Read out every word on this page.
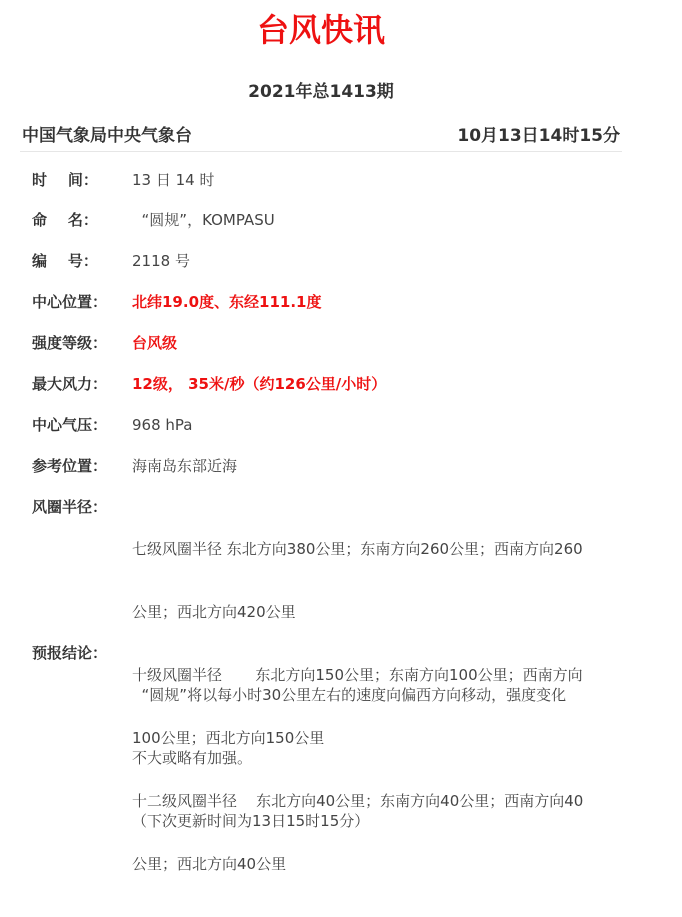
台风快讯
2021年总1413期
中国气象局中央气象台	10月13日14时15分
时    间：	13 日 14 时
命    名：	“圆规”，KOMPASU
编    号：	2118 号
中心位置：	北纬19.0度、东经111.1度
强度等级：	台风级
最大风力：	12级， 35米/秒（约126公里/小时）
中心气压：	968 hPa
参考位置：	海南岛东部近海
风圈半径：

七级风圈半径 东北方向380公里；东南方向260公里；西南方向260

公里；西北方向420公里

十级风圈半径       东北方向150公里；东南方向100公里；西南方向

100公里；西北方向150公里

十二级风圈半径    东北方向40公里；东南方向40公里；西南方向40

公里；西北方向40公里

预报结论：

“圆规”将以每小时30公里左右的速度向偏西方向移动，强度变化

不大或略有加强。

（下次更新时间为13日15时15分）
